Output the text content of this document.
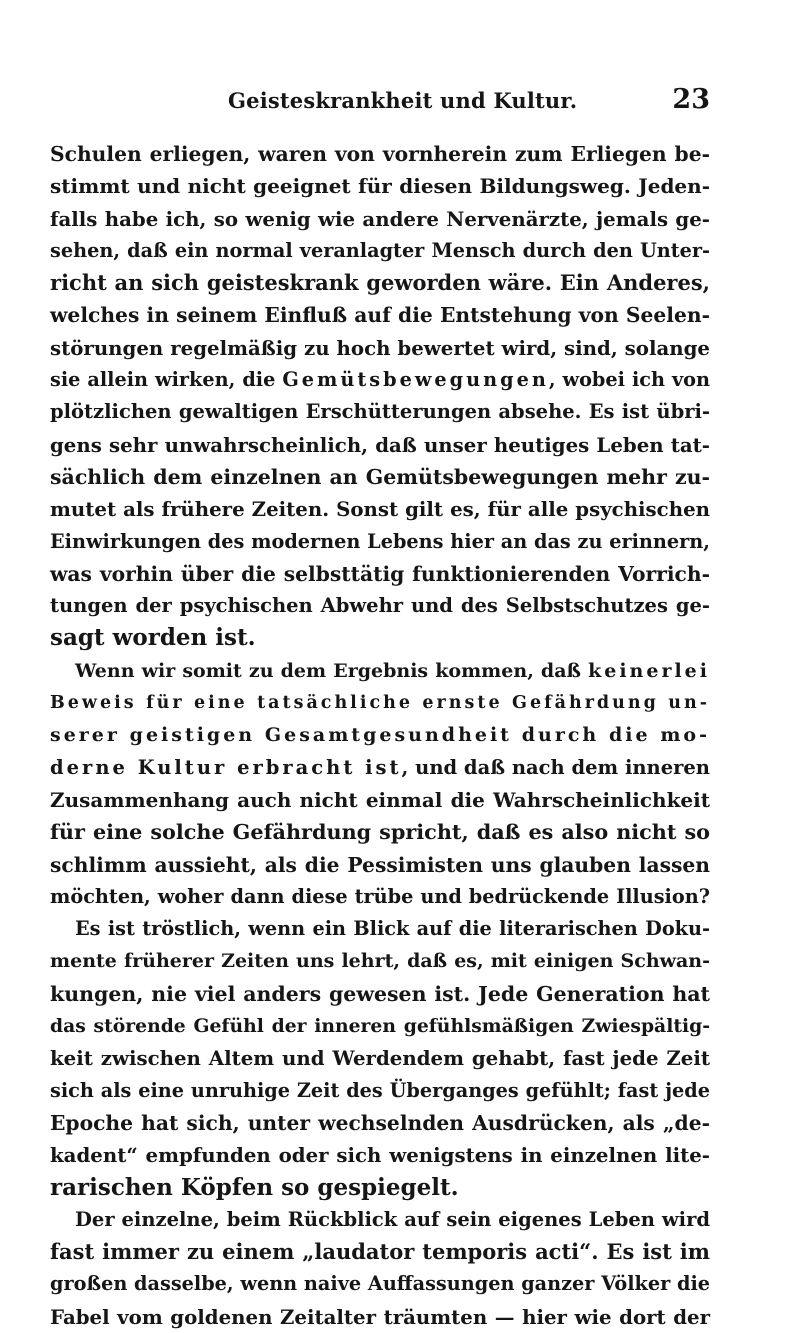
Geisteskrankheit und Kultur.	23
Schulen erliegen, waren von vornherein zum Erliegen be-
stimmt und nicht geeignet für diesen Bildungsweg. Jeden-
falls habe ich, so wenig wie andere Nervenärzte, jemals ge-
sehen, daß ein normal veranlagter Mensch durch den Unter-
richt an sich geisteskrank geworden wäre. Ein Anderes,
welches in seinem Einfluß auf die Entstehung von Seelen-
störungen regelmäßig zu hoch bewertet wird, sind, solange
sie allein wirken, die Gemütsbewegungen, wobei ich von
plötzlichen gewaltigen Erschütterungen absehe. Es ist übri-
gens sehr unwahrscheinlich, daß unser heutiges Leben tat-
sächlich dem einzelnen an Gemütsbewegungen mehr zu-
mutet als frühere Zeiten. Sonst gilt es, für alle psychischen
Einwirkungen des modernen Lebens hier an das zu erinnern,
was vorhin über die selbsttätig funktionierenden Vorrich-
tungen der psychischen Abwehr und des Selbstschutzes ge-
sagt worden ist.
Wenn wir somit zu dem Ergebnis kommen, daß keinerlei
Beweis für eine tatsächliche ernste Gefährdung un-
serer geistigen Gesamtgesundheit durch die mo-
derne Kultur erbracht ist, und daß nach dem inneren
Zusammenhang auch nicht einmal die Wahrscheinlichkeit
für eine solche Gefährdung spricht, daß es also nicht so
schlimm aussieht, als die Pessimisten uns glauben lassen
möchten, woher dann diese trübe und bedrückende Illusion?
Es ist tröstlich, wenn ein Blick auf die literarischen Doku-
mente früherer Zeiten uns lehrt, daß es, mit einigen Schwan-
kungen, nie viel anders gewesen ist. Jede Generation hat
das störende Gefühl der inneren gefühlsmäßigen Zwiespältig-
keit zwischen Altem und Werdendem gehabt, fast jede Zeit
sich als eine unruhige Zeit des Überganges gefühlt; fast jede
Epoche hat sich, unter wechselnden Ausdrücken, als „de-
kadent“ empfunden oder sich wenigstens in einzelnen lite-
rarischen Köpfen so gespiegelt.
Der einzelne, beim Rückblick auf sein eigenes Leben wird
fast immer zu einem „laudator temporis acti“. Es ist im
großen dasselbe, wenn naive Auffassungen ganzer Völker die
Fabel vom goldenen Zeitalter träumten — hier wie dort der
